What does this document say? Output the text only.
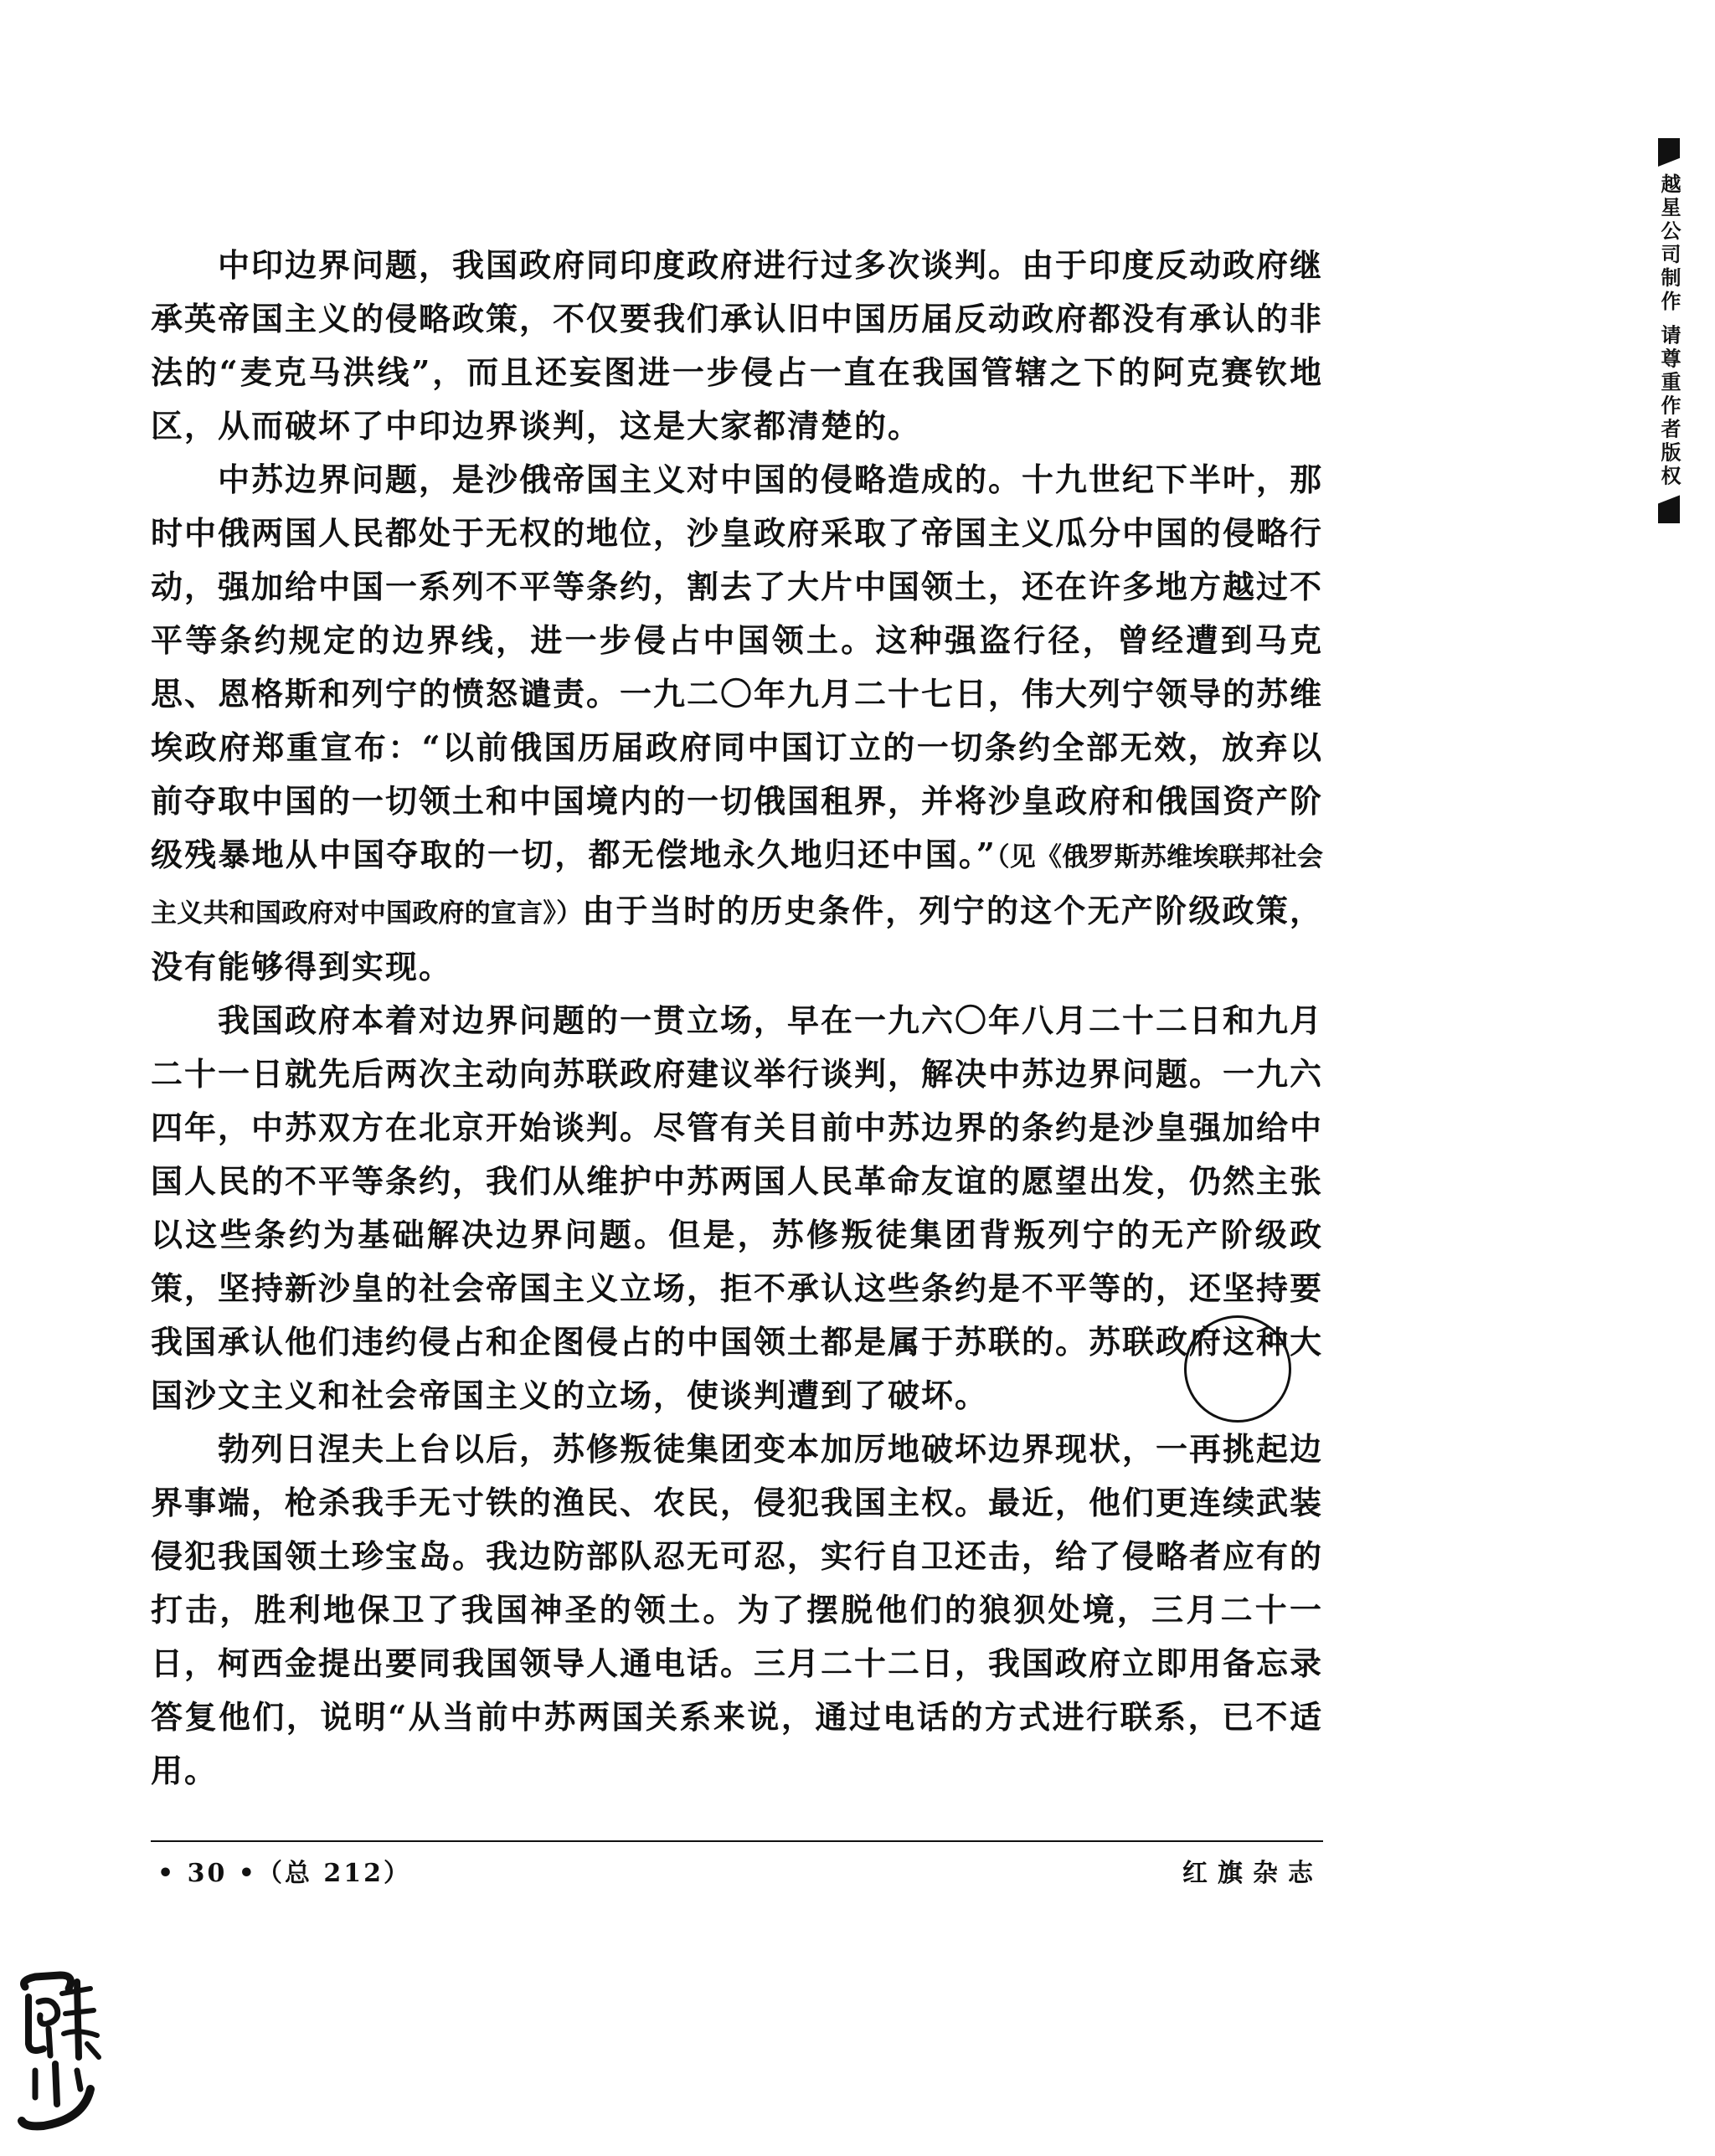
中印边界问题，我国政府同印度政府进行过多次谈判。由于印度反动政府继承英帝国主义的侵略政策，不仅要我们承认旧中国历届反动政府都没有承认的非法的“麦克马洪线”，而且还妄图进一步侵占一直在我国管辖之下的阿克赛钦地区，从而破坏了中印边界谈判，这是大家都清楚的。

中苏边界问题，是沙俄帝国主义对中国的侵略造成的。十九世纪下半叶，那时中俄两国人民都处于无权的地位，沙皇政府采取了帝国主义瓜分中国的侵略行动，强加给中国一系列不平等条约，割去了大片中国领土，还在许多地方越过不平等条约规定的边界线，进一步侵占中国领土。这种强盗行径，曾经遭到马克思、恩格斯和列宁的愤怒谴责。一九二〇年九月二十七日，伟大列宁领导的苏维埃政府郑重宣布：“以前俄国历届政府同中国订立的一切条约全部无效，放弃以前夺取中国的一切领土和中国境内的一切俄国租界，并将沙皇政府和俄国资产阶级残暴地从中国夺取的一切，都无偿地永久地归还中国。”（见《俄罗斯苏维埃联邦社会主义共和国政府对中国政府的宣言》）由于当时的历史条件，列宁的这个无产阶级政策，没有能够得到实现。

我国政府本着对边界问题的一贯立场，早在一九六〇年八月二十二日和九月二十一日就先后两次主动向苏联政府建议举行谈判，解决中苏边界问题。一九六四年，中苏双方在北京开始谈判。尽管有关目前中苏边界的条约是沙皇强加给中国人民的不平等条约，我们从维护中苏两国人民革命友谊的愿望出发，仍然主张以这些条约为基础解决边界问题。但是，苏修叛徒集团背叛列宁的无产阶级政策，坚持新沙皇的社会帝国主义立场，拒不承认这些条约是不平等的，还坚持要我国承认他们违约侵占和企图侵占的中国领土都是属于苏联的。苏联政府这种大国沙文主义和社会帝国主义的立场，使谈判遭到了破坏。

勃列日涅夫上台以后，苏修叛徒集团变本加厉地破坏边界现状，一再挑起边界事端，枪杀我手无寸铁的渔民、农民，侵犯我国主权。最近，他们更连续武装侵犯我国领土珍宝岛。我边防部队忍无可忍，实行自卫还击，给了侵略者应有的打击，胜利地保卫了我国神圣的领土。为了摆脱他们的狼狈处境，三月二十一日，柯西金提出要同我国领导人通电话。三月二十二日，我国政府立即用备忘录答复他们，说明“从当前中苏两国关系来说，通过电话的方式进行联系，已不适用。

• 30 •（总 212）	红旗杂志
越星公司制作 请尊重作者版权
